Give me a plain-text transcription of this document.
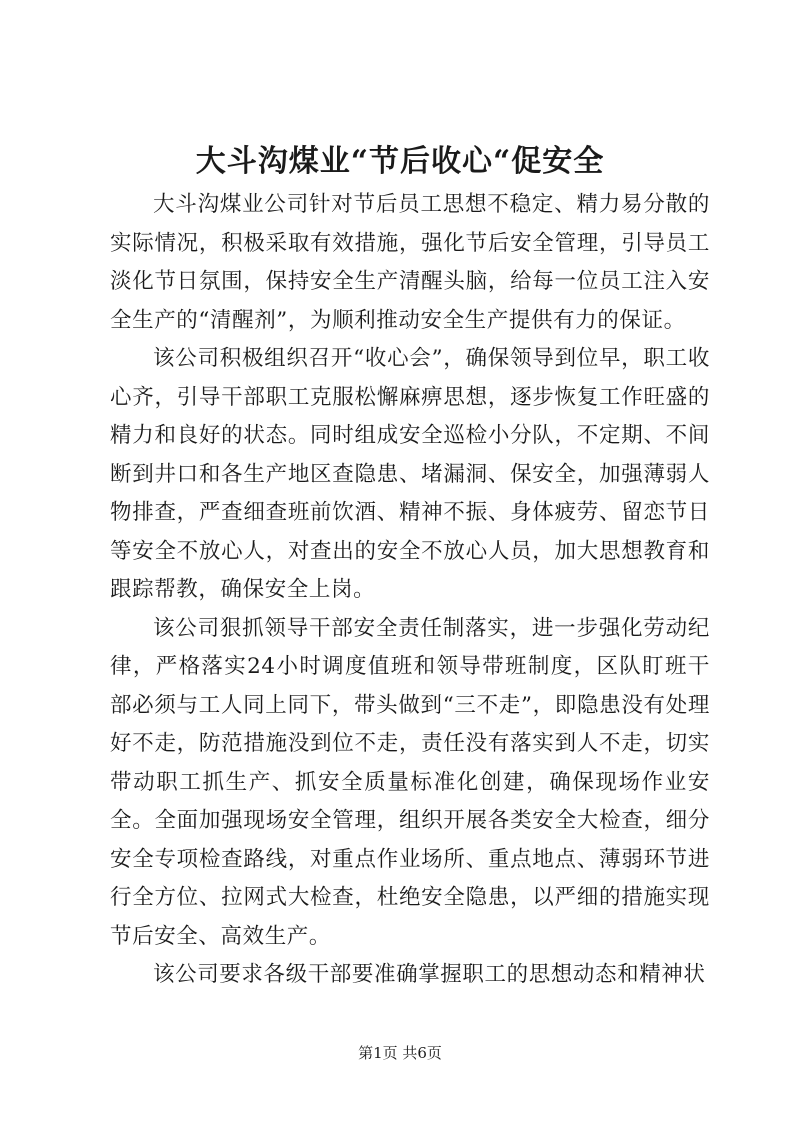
大斗沟煤业“节后收心“促安全

大斗沟煤业公司针对节后员工思想不稳定、精力易分散的实际情况，积极采取有效措施，强化节后安全管理，引导员工淡化节日氛围，保持安全生产清醒头脑，给每一位员工注入安全生产的“清醒剂”，为顺利推动安全生产提供有力的保证。

该公司积极组织召开“收心会”，确保领导到位早，职工收心齐，引导干部职工克服松懈麻痹思想，逐步恢复工作旺盛的精力和良好的状态。同时组成安全巡检小分队，不定期、不间断到井口和各生产地区查隐患、堵漏洞、保安全，加强薄弱人物排查，严查细查班前饮酒、精神不振、身体疲劳、留恋节日等安全不放心人，对查出的安全不放心人员，加大思想教育和跟踪帮教，确保安全上岗。

该公司狠抓领导干部安全责任制落实，进一步强化劳动纪律，严格落实24小时调度值班和领导带班制度，区队盯班干部必须与工人同上同下，带头做到“三不走”，即隐患没有处理好不走，防范措施没到位不走，责任没有落实到人不走，切实带动职工抓生产、抓安全质量标准化创建，确保现场作业安全。全面加强现场安全管理，组织开展各类安全大检查，细分安全专项检查路线，对重点作业场所、重点地点、薄弱环节进行全方位、拉网式大检查，杜绝安全隐患，以严细的措施实现节后安全、高效生产。

该公司要求各级干部要准确掌握职工的思想动态和精神状

第1页 共6页
